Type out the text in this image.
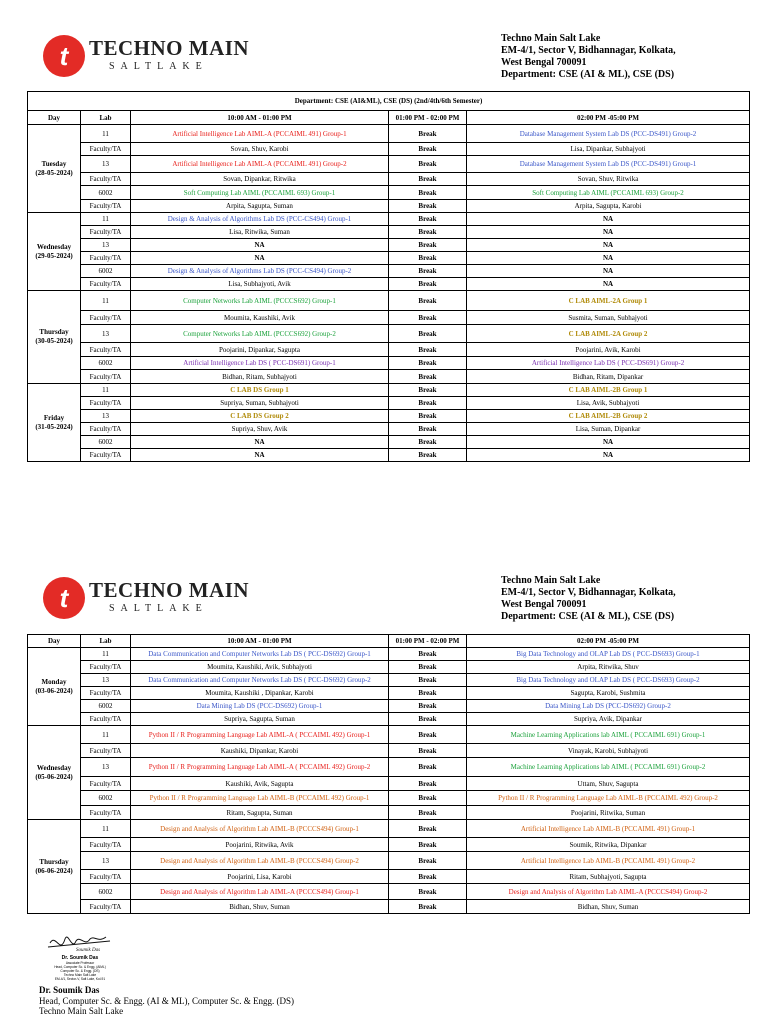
t TECHNO MAIN
SALTLAKE
Techno Main Salt Lake
EM-4/1, Sector V, Bidhannagar, Kolkata,
West Bengal 700091
Department: CSE (AI & ML), CSE (DS)
Department: CSE (AI&ML), CSE (DS) (2nd/4th/6th Semester)				
Day	Lab	10:00 AM - 01:00 PM	01:00 PM - 02:00 PM	02:00 PM -05:00 PM

Tuesday
(28-05-2024)	11	Artificial Intelligence Lab AIML-A (PCCAIML 491) Group-1	Break	Database Management System Lab DS (PCC-DS491) Group-2
	Faculty/TA	Sovan, Shuv, Karobi	Break	Lisa, Dipankar, Subhajyoti
	13	Artificial Intelligence Lab AIML-A (PCCAIML 491) Group-2	Break	Database Management System Lab DS (PCC-DS491) Group-1
	Faculty/TA	Sovan, Dipankar, Ritwika	Break	Sovan, Shuv, Ritwika
	6002	Soft Computing Lab AIML (PCCAIML 693) Group-1	Break	Soft Computing Lab AIML (PCCAIML 693) Group-2
	Faculty/TA	Arpita, Sagupta, Suman	Break	Arpita, Sagupta, Karobi

Wednesday
(29-05-2024)	11	Design & Analysis of Algorithms Lab DS (PCC-CS494) Group-1	Break	NA
	Faculty/TA	Lisa, Ritwika, Suman	Break	NA
	13	NA	Break	NA
	Faculty/TA	NA	Break	NA
	6002	Design & Analysis of Algorithms Lab DS (PCC-CS494) Group-2	Break	NA
	Faculty/TA	Lisa, Subhajyoti, Avik	Break	NA

Thursday
(30-05-2024)	11	Computer Networks Lab AIML (PCCCS692) Group-1	Break	C LAB AIML-2A Group 1
	Faculty/TA	Moumita, Kaushiki, Avik	Break	Susmita, Suman, Subhajyoti
	13	Computer Networks Lab AIML (PCCCS692) Group-2	Break	C LAB AIML-2A Group 2
	Faculty/TA	Poojarini, Dipankar, Sagupta	Break	Poojarini, Avik, Karobi
	6002	Artificial Intelligence Lab DS ( PCC-DS691) Group-1	Break	Artificial Intelligence Lab DS ( PCC-DS691) Group-2
	Faculty/TA	Bidhan, Ritam, Subhajyoti	Break	Bidhan, Ritam, Dipankar

Friday
(31-05-2024)	11	C LAB DS Group 1	Break	C LAB AIML-2B Group 1
	Faculty/TA	Supriya, Suman, Subhajyoti	Break	Lisa, Avik, Subhajyoti
	13	C LAB DS Group 2	Break	C LAB AIML-2B Group 2
	Faculty/TA	Supriya, Shuv, Avik	Break	Lisa, Suman, Dipankar
	6002	NA	Break	NA
	Faculty/TA	NA	Break	NA
t TECHNO MAIN
SALTLAKE
Techno Main Salt Lake
EM-4/1, Sector V, Bidhannagar, Kolkata,
West Bengal 700091
Department: CSE (AI & ML), CSE (DS)
Day	Lab	10:00 AM - 01:00 PM	01:00 PM - 02:00 PM	02:00 PM -05:00 PM

Monday
(03-06-2024)	11	Data Communication and Computer Networks Lab DS ( PCC-DS692) Group-1	Break	Big Data Technology and OLAP Lab DS ( PCC-DS693) Group-1
	Faculty/TA	Moumita, Kaushiki, Avik, Subhajyoti	Break	Arpita, Ritwika, Shuv
	13	Data Communication and Computer Networks Lab DS ( PCC-DS692) Group-2	Break	Big Data Technology and OLAP Lab DS ( PCC-DS693) Group-2
	Faculty/TA	Moumita, Kaushiki , Dipankar, Karobi	Break	Sagupta, Karobi, Sushmita
	6002	Data Mining Lab DS (PCC-DS692) Group-1	Break	Data Mining Lab DS (PCC-DS692) Group-2
	Faculty/TA	Supriya, Sagupta, Suman	Break	Supriya, Avik, Dipankar

Wednesday
(05-06-2024)	11	Python II / R Programming Language Lab AIML-A ( PCCAIML 492) Group-1	Break	Machine Learning Applications lab AIML ( PCCAIML 691) Group-1
	Faculty/TA	Kaushiki, Dipankar, Karobi	Break	Vinayak, Karobi, Subhajyoti
	13	Python II / R Programming Language Lab AIML-A ( PCCAIML 492) Group-2	Break	Machine Learning Applications lab AIML ( PCCAIML 691) Group-2
	Faculty/TA	Kaushiki, Avik, Sagupta	Break	Uttam, Shuv, Sagupta
	6002	Python II / R Programming Language Lab AIML-B (PCCAIML 492) Group-1	Break	Python II / R Programming Language Lab AIML-B (PCCAIML 492) Group-2
	Faculty/TA	Ritam, Sagupta, Suman	Break	Poojarini, Ritwika, Suman

Thursday
(06-06-2024)	11	Design and Analysis of Algorithm Lab AIML-B (PCCCS494) Group-1	Break	Artificial Intelligence Lab AIML-B (PCCAIML 491) Group-1
	Faculty/TA	Poojarini, Ritwika, Avik	Break	Soumik, Ritwika, Dipankar
	13	Design and Analysis of Algorithm Lab AIML-B (PCCCS494) Group-2	Break	Artificial Intelligence Lab AIML-B (PCCAIML 491) Group-2
	Faculty/TA	Poojarini, Lisa, Karobi	Break	Ritam, Subhajyoti, Sagupta
	6002	Design and Analysis of Algorithm Lab AIML-A (PCCCS494) Group-1	Break	Design and Analysis of Algorithm Lab AIML-A (PCCCS494) Group-2
	Faculty/TA	Bidhan, Shuv, Suman	Break	Bidhan, Shuv, Suman
Soumik Das
Dr. Soumik Das
Associate Professor
Head, Computer Sc. & Engg. (AIML)
Computer Sc. & Engg. (DS)
Techno Main Salt Lake
EM-4/1, Sector-V, Salt Lake, Kol-91
Dr. Soumik Das
Head, Computer Sc. & Engg. (AI & ML), Computer Sc. & Engg. (DS)
Techno Main Salt Lake
